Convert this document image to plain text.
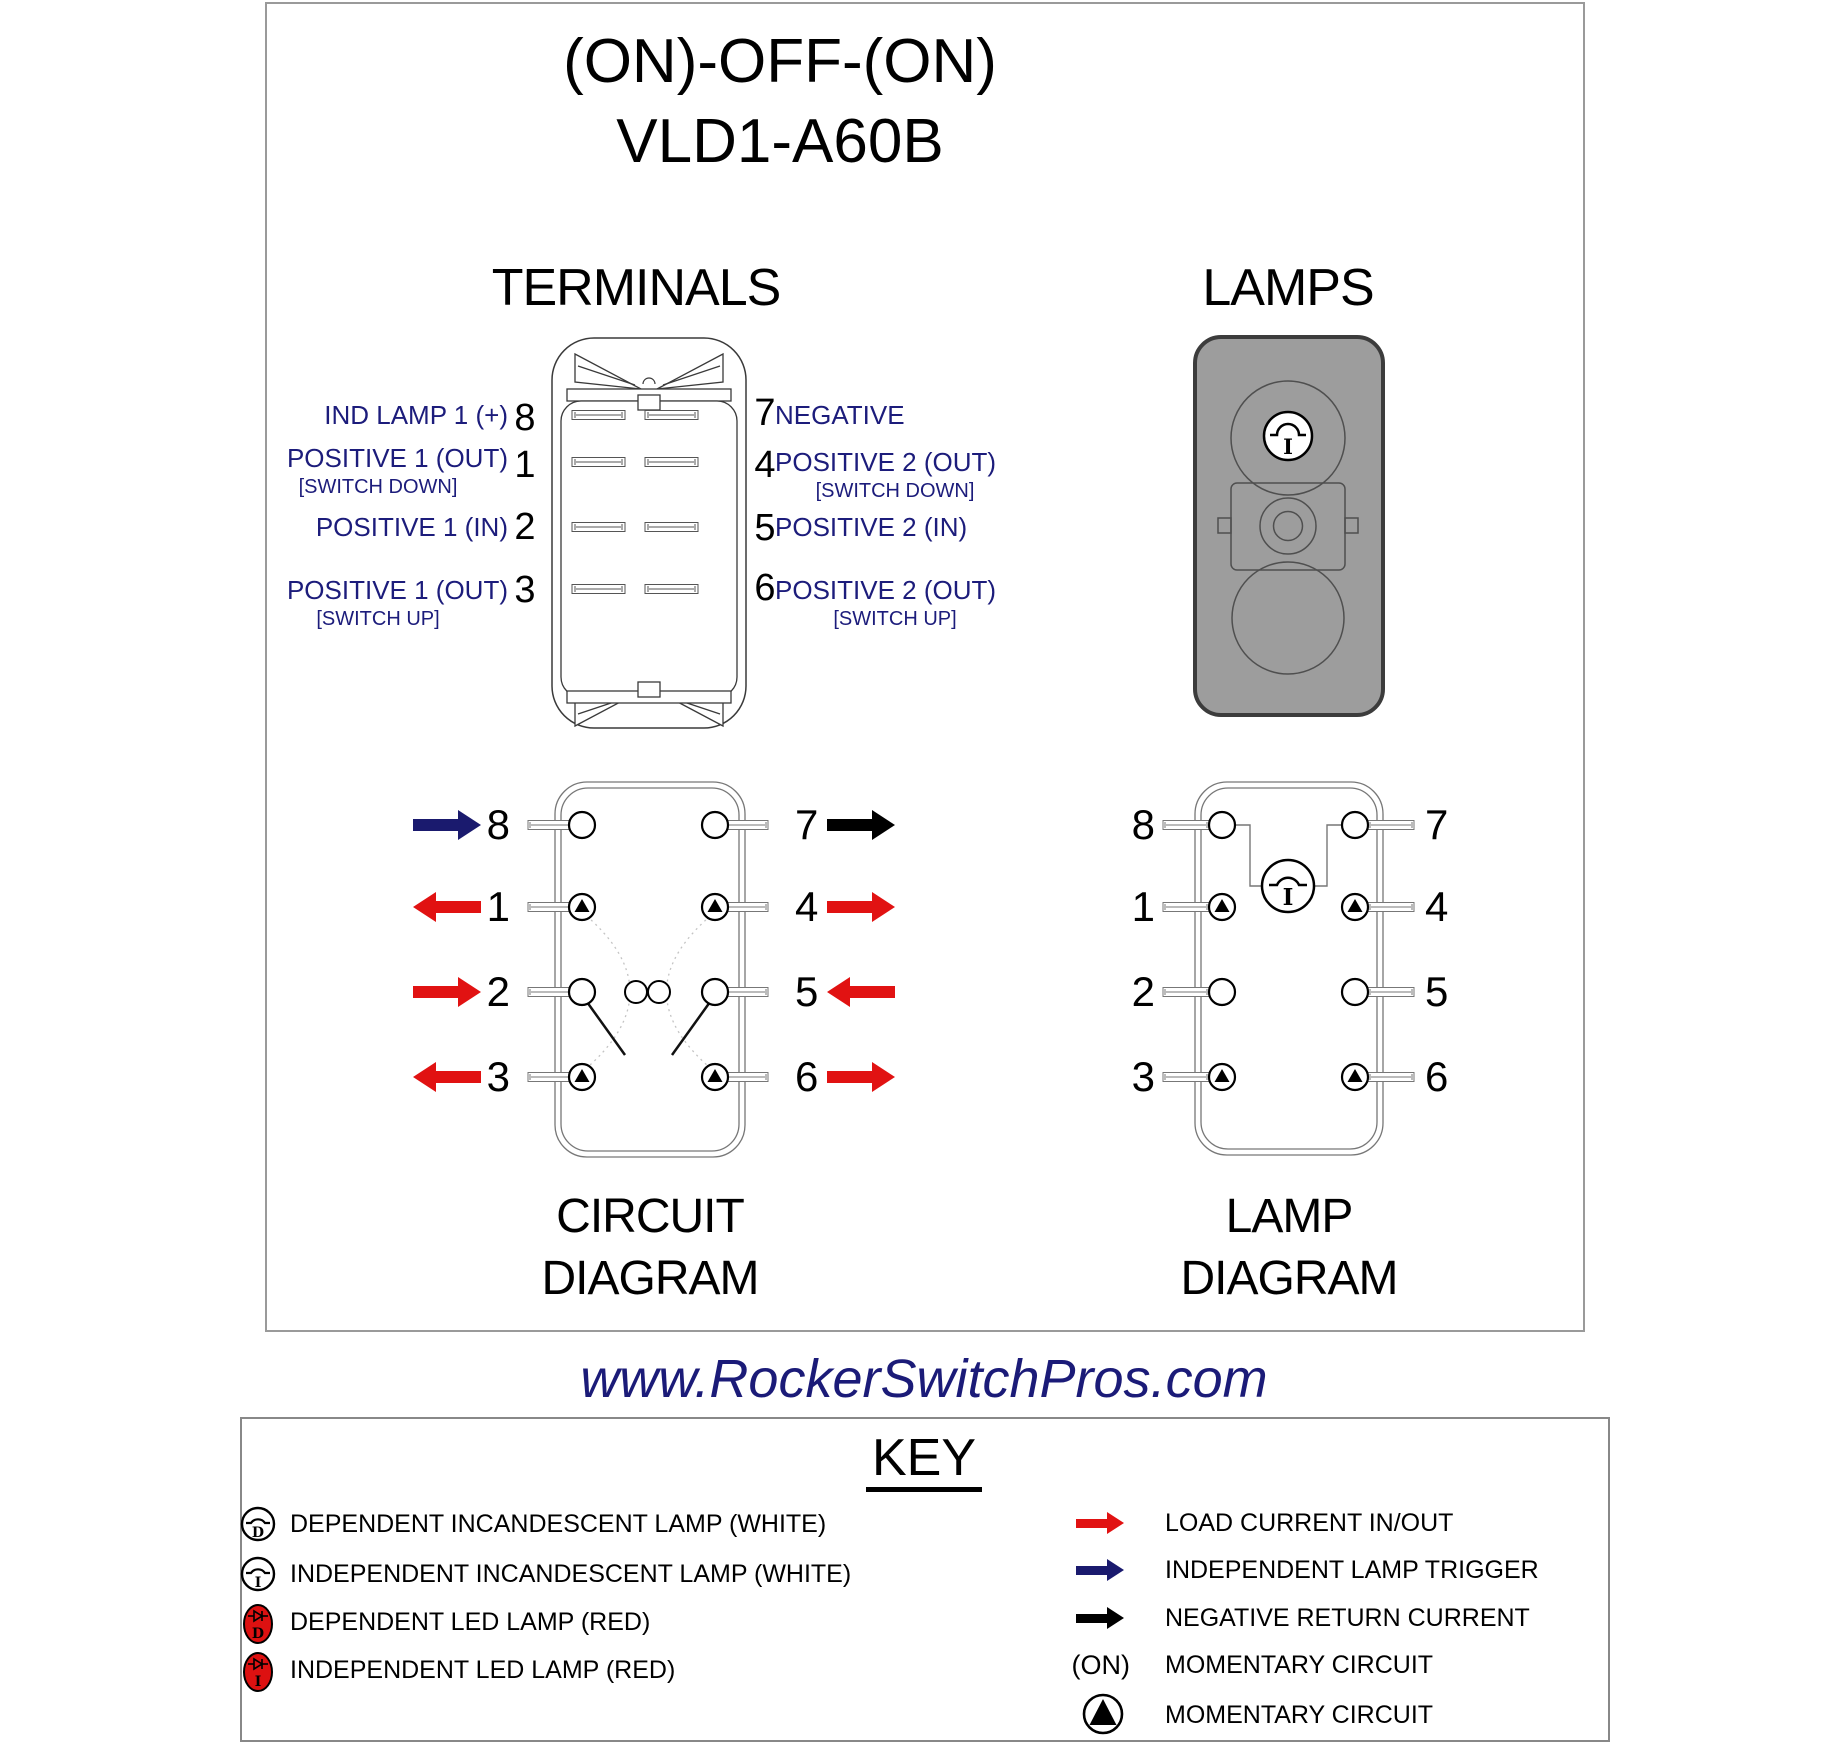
(ON)-OFF-(ON)
VLD1-A60B
TERMINALS	LAMPS
IND LAMP 1 (+)
POSITIVE 1 (OUT)
[SWITCH DOWN]
POSITIVE 1 (IN)
POSITIVE 1 (OUT)
[SWITCH UP]
8
1
2
3
7
4
5
6
NEGATIVE
POSITIVE 2 (OUT)
[SWITCH DOWN]
POSITIVE 2 (IN)
POSITIVE 2 (OUT)
[SWITCH UP]
I
8
1
2
3
7
4
5
6
I
8
1
2
3
7
4
5
6
CIRCUIT
DIAGRAM
LAMP
DIAGRAM
www.RockerSwitchPros.com
KEY
D DEPENDENT INCANDESCENT LAMP (WHITE)
I INDEPENDENT INCANDESCENT LAMP (WHITE)
D DEPENDENT LED LAMP (RED)
I INDEPENDENT LED LAMP (RED)
LOAD CURRENT IN/OUT
INDEPENDENT LAMP TRIGGER
NEGATIVE RETURN CURRENT
(ON) MOMENTARY CIRCUIT
MOMENTARY CIRCUIT
